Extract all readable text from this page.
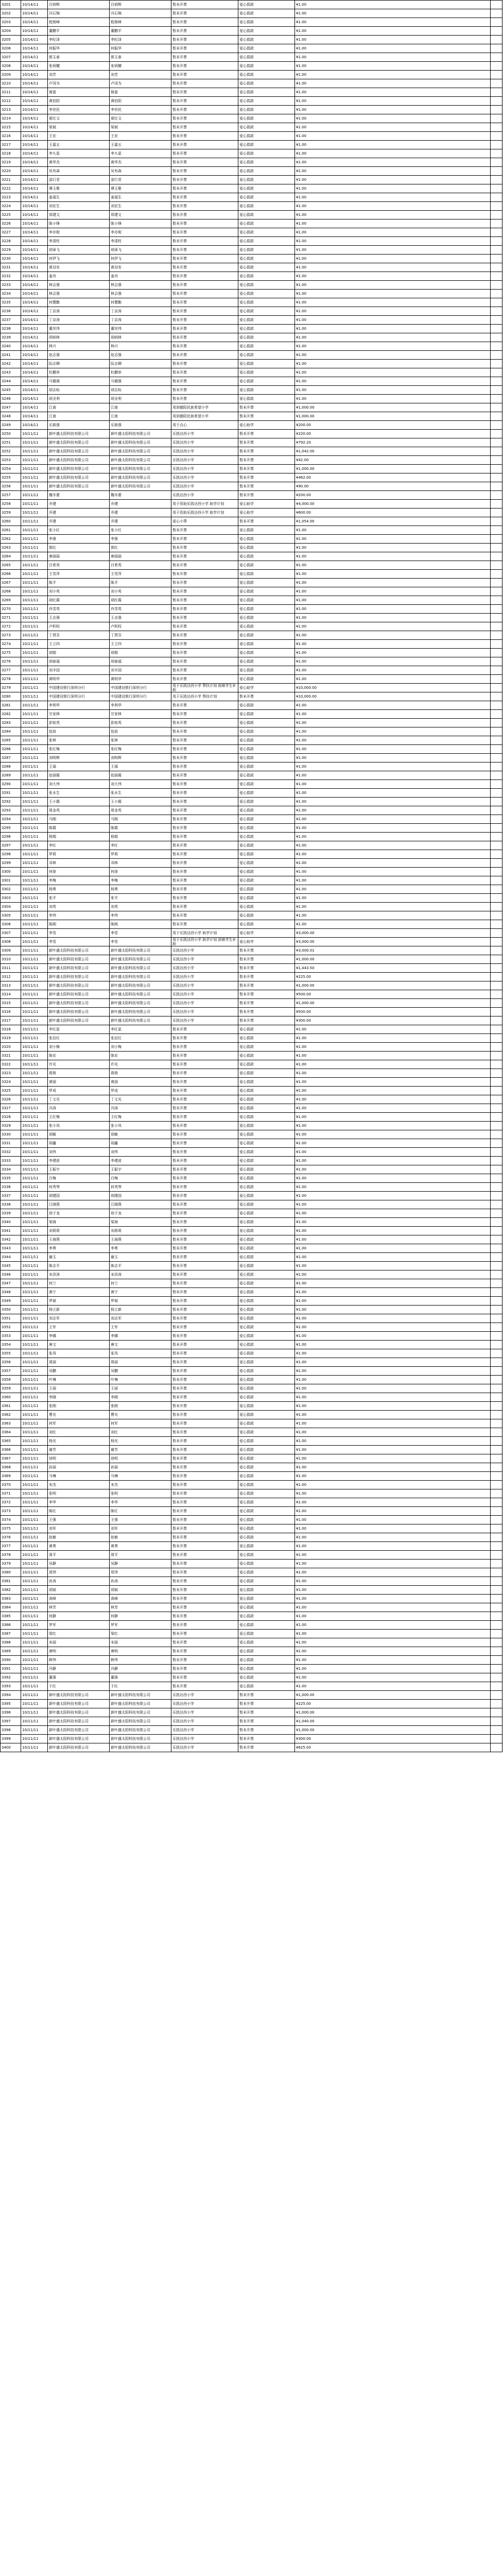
3201	10/14/11	吕炳辉	吕炳辉	暂未开票	爱心捐款	¥1.00	
3202	10/14/11	冯石锦	冯石锦	暂未开票	爱心捐款	¥1.00	
3203	10/14/11	程俊峰	程俊峰	暂未开票	爱心捐款	¥1.00	
3204	10/14/11	董鹏平	董鹏平	暂未开票	爱心捐款	¥1.00	
3205	10/14/11	李纪泽	李纪泽	暂未开票	爱心捐款	¥1.00	
3206	10/14/11	何振华	何振华	暂未开票	爱心捐款	¥1.00	
3207	10/14/11	郭玉春	郭玉春	暂未开票	爱心捐款	¥1.00	
3208	10/14/11	张炳耀	张炳耀	暂未开票	爱心捐款	¥1.00	
3209	10/14/11	刘芳	刘芳	暂未开票	爱心捐款	¥1.00	
3210	10/14/11	卢冈为	卢冈为	暂未开票	爱心捐款	¥1.00	
3211	10/14/11	简富	简富	暂未开票	爱心捐款	¥1.00	
3212	10/14/11	黄伯阳	黄伯阳	暂未开票	爱心捐款	¥1.00	
3213	10/14/11	李世民	李世民	暂未开票	爱心捐款	¥1.00	
3214	10/14/11	夏红文	夏红文	暂未开票	爱心捐款	¥1.00	
3215	10/14/11	梁斌	梁斌	暂未开票	爱心捐款	¥1.00	
3216	10/14/11	王宏	王宏	暂未开票	爱心捐款	¥1.00	
3217	10/14/11	王嘉五	王嘉五	暂未开票	爱心捐款	¥1.00	
3218	10/14/11	李九星	李九星	暂未开票	爱心捐款	¥1.00	
3219	10/14/11	黄华杰	黄华杰	暂未开票	爱心捐款	¥1.00	
3220	10/14/11	吴有森	吴有森	暂未开票	爱心捐款	¥1.00	
3221	10/14/11	邵行君	邵行君	暂未开票	爱心捐款	¥1.00	
3222	10/14/11	谭玉聚	谭玉聚	暂未开票	爱心捐款	¥1.00	
3223	10/14/11	姜福生	姜福生	暂未开票	爱心捐款	¥1.00	
3224	10/14/11	刘宏生	刘宏生	暂未开票	爱心捐款	¥1.00	
3225	10/14/11	郑建文	郑建文	暂未开票	爱心捐款	¥1.00	
3226	10/14/11	陈小锋	陈小锋	暂未开票	爱心捐款	¥1.00	
3227	10/14/11	李亦妮	李亦妮	暂未开票	爱心捐款	¥1.00	
3228	10/14/11	李清柱	李清柱	暂未开票	爱心捐款	¥1.00	
3229	10/14/11	胡承飞	胡承飞	暂未开票	爱心捐款	¥1.00	
3230	10/14/11	何伊飞	何伊飞	暂未开票	爱心捐款	¥1.00	
3231	10/14/11	黄双安	黄双安	暂未开票	爱心捐款	¥1.00	
3232	10/14/11	姜舟	姜舟	暂未开票	爱心捐款	¥1.00	
3233	10/14/11	林会强	林会强	暂未开票	爱心捐款	¥1.00	
3234	10/14/11	林会强	林会强	暂未开票	爱心捐款	¥1.00	
3235	10/14/11	何慧勤	何慧勤	暂未开票	爱心捐款	¥1.00	
3236	10/14/11	丁京涛	丁京涛	暂未开票	爱心捐款	¥1.00	
3237	10/14/11	丁京涛	丁京涛	暂未开票	爱心捐款	¥1.00	
3238	10/14/11	董世伟	董世伟	暂未开票	爱心捐款	¥1.00	
3239	10/14/11	胡炳林	胡炳林	暂未开票	爱心捐款	¥1.00	
3240	10/14/11	林兴	林兴	暂未开票	爱心捐款	¥1.00	
3241	10/14/11	赵志强	赵志强	暂未开票	爱心捐款	¥1.00	
3242	10/14/11	阮志卿	阮志卿	暂未开票	爱心捐款	¥1.00	
3243	10/14/11	杜鹏举	杜鹏举	暂未开票	爱心捐款	¥1.00	
3244	10/14/11	马德强	马德强	暂未开票	爱心捐款	¥1.00	
3245	10/14/11	胡志标	胡志标	暂未开票	爱心捐款	¥1.00	
3246	10/14/11	胡圣利	胡圣利	暂未开票	爱心捐款	¥1.00	
3247	10/14/11	江南	江南	用到德阳民族希望小学	暂未开票	¥1,000.00	
3248	10/14/11	江南	江南	用到德阳民族希望小学	暂未开票	¥1,000.00	
3249	10/14/11	乐筱强	乐筱强	用于点心	爱心助学	¥200.00	
3250	10/11/11	新叶盛太阳科技有限公司	新叶盛太阳科技有限公司	乐凯达西小学	暂未开票	¥220.00	
3251	10/11/11	新叶盛太阳科技有限公司	新叶盛太阳科技有限公司	乐凯达西小学	暂未开票	¥792.20	
3252	10/11/11	新叶盛太阳科技有限公司	新叶盛太阳科技有限公司	乐凯达西小学	暂未开票	¥1,042.00	
3253	10/11/11	新叶盛太阳科技有限公司	新叶盛太阳科技有限公司	乐凯达西小学	暂未开票	¥42.00	
3254	10/11/11	新叶盛太阳科技有限公司	新叶盛太阳科技有限公司	乐凯达西小学	暂未开票	¥1,000.00	
3255	10/11/11	新叶盛太阳科技有限公司	新叶盛太阳科技有限公司	乐凯达西小学	暂未开票	¥462.00	
3256	10/11/11	新叶盛太阳科技有限公司	新叶盛太阳科技有限公司	乐凯达西小学	暂未开票	¥90.00	
3257	10/11/11	魏冬蕾	魏冬蕾	乐凯达西小学	暂未开票	¥200.00	
3258	10/11/11	乔建	乔建	用于资助乐凯达西小学 助学计划	爱心助学	¥4,000.00	
3259	10/11/11	乔建	乔建	用于资助乐凯达西小学 助学计划	爱心助学	¥600.00	
3260	10/11/11	乔建	乔建	爱心小帮	暂未开票	¥1,054.00	
3261	10/11/11	张小红	张小红	暂未开票	爱心捐款	¥1.00	
3262	10/11/11	李强	李强	暂未开票	爱心捐款	¥1.00	
3263	10/11/11	郭红	郭红	暂未开票	爱心捐款	¥1.00	
3264	10/11/11	唐丽丽	唐丽丽	暂未开票	爱心捐款	¥1.00	
3265	10/11/11	吕希英	吕希英	暂未开票	爱心捐款	¥1.00	
3266	10/11/11	王雪萍	王雪萍	暂未开票	爱心捐款	¥1.00	
3267	10/11/11	陈平	陈平	暂未开票	爱心捐款	¥1.00	
3268	10/11/11	刘小英	刘小英	暂未开票	爱心捐款	¥1.00	
3269	10/11/11	胡红霞	胡红霞	暂未开票	爱心捐款	¥1.00	
3270	10/11/11	肖雪英	肖雪英	暂未开票	爱心捐款	¥1.00	
3271	10/11/11	王志强	王志强	暂未开票	爱心捐款	¥1.00	
3272	10/11/11	卢积权	卢积权	暂未开票	爱心捐款	¥1.00	
3273	10/11/11	丁贤芬	丁贤芬	暂未开票	爱心捐款	¥1.00	
3274	10/11/11	王立四	王立四	暂未开票	爱心捐款	¥1.00	
3275	10/11/11	胡娟	胡娟	暂未开票	爱心捐款	¥1.00	
3276	10/11/11	胡春福	胡春福	暂未开票	爱心捐款	¥1.00	
3277	10/11/11	刘丰国	刘丰国	暂未开票	爱心捐款	¥1.00	
3278	10/11/11	黄明华	黄明华	暂未开票	爱心捐款	¥1.00	
3279	10/11/11	中国建设银行深圳分行	中国建设银行深圳分行	用于乐凯达西小学 帮扶计划 困难学生补助	爱心助学	¥10,000.00	
3280	10/11/11	中国建设银行深圳分行	中国建设银行深圳分行	用于乐凯达西小学 帮扶计划	暂未开票	¥10,000.00	
3281	10/11/11	李利华	李利华	暂未开票	爱心捐款	¥1.00	
3282	10/11/11	甘家林	甘家林	暂未开票	爱心捐款	¥1.00	
3283	10/11/11	彭桂英	彭桂英	暂未开票	爱心捐款	¥1.00	
3284	10/11/11	赵波	赵波	暂未开票	爱心捐款	¥1.00	
3285	10/11/11	张林	张林	暂未开票	爱心捐款	¥1.00	
3286	10/11/11	张红梅	张红梅	暂未开票	爱心捐款	¥1.00	
3287	10/11/11	刘明辉	刘明辉	暂未开票	爱心捐款	¥1.00	
3288	10/11/11	王福	王福	暂未开票	爱心捐款	¥1.00	
3289	10/11/11	赵丽霞	赵丽霞	暂未开票	爱心捐款	¥1.00	
3290	10/11/11	刘大伟	刘大伟	暂未开票	爱心捐款	¥1.00	
3291	10/11/11	张水生	张水生	暂未开票	爱心捐款	¥1.00	
3292	10/11/11	王小霞	王小霞	暂未开票	爱心捐款	¥1.00	
3293	10/11/11	周金英	周金英	暂未开票	爱心捐款	¥1.00	
3294	10/11/11	马刚	马刚	暂未开票	爱心捐款	¥1.00	
3295	10/11/11	陈霞	陈霞	暂未开票	爱心捐款	¥1.00	
3296	10/11/11	杨娟	杨娟	暂未开票	爱心捐款	¥1.00	
3297	10/11/11	李红	李红	暂未开票	爱心捐款	¥1.00	
3298	10/11/11	罗莉	罗莉	暂未开票	爱心捐款	¥1.00	
3299	10/11/11	邓林	邓林	暂未开票	爱心捐款	¥1.00	
3300	10/11/11	何琼	何琼	暂未开票	爱心捐款	¥1.00	
3301	10/11/11	李梅	李梅	暂未开票	爱心捐款	¥1.00	
3302	10/11/11	杨勇	杨勇	暂未开票	爱心捐款	¥1.00	
3303	10/11/11	张平	张平	暂未开票	爱心捐款	¥1.00	
3304	10/11/11	刘英	刘英	暂未开票	爱心捐款	¥1.00	
3305	10/11/11	李伟	李伟	暂未开票	爱心捐款	¥1.00	
3306	10/11/11	陈刚	陈刚	暂未开票	爱心捐款	¥1.00	
3307	10/11/11	李雪	李雪	用于乐凯达西小学 助学计划	爱心助学	¥3,000.00	
3308	10/11/11	李雪	李雪	用于乐凯达西小学 助学计划 困难学生补助	爱心助学	¥3,000.00	
3309	10/11/11	新叶盛太阳科技有限公司	新叶盛太阳科技有限公司	乐凯达西小学	暂未开票	¥3,000.01	
3310	10/11/11	新叶盛太阳科技有限公司	新叶盛太阳科技有限公司	乐凯达西小学	暂未开票	¥1,000.00	
3311	10/11/11	新叶盛太阳科技有限公司	新叶盛太阳科技有限公司	乐凯达西小学	暂未开票	¥1,443.50	
3312	10/11/11	新叶盛太阳科技有限公司	新叶盛太阳科技有限公司	乐凯达西小学	暂未开票	¥225.00	
3313	10/11/11	新叶盛太阳科技有限公司	新叶盛太阳科技有限公司	乐凯达西小学	暂未开票	¥1,000.00	
3314	10/11/11	新叶盛太阳科技有限公司	新叶盛太阳科技有限公司	乐凯达西小学	暂未开票	¥500.00	
3315	10/11/11	新叶盛太阳科技有限公司	新叶盛太阳科技有限公司	乐凯达西小学	暂未开票	¥1,000.00	
3316	10/11/11	新叶盛太阳科技有限公司	新叶盛太阳科技有限公司	乐凯达西小学	暂未开票	¥500.00	
3317	10/11/11	新叶盛太阳科技有限公司	新叶盛太阳科技有限公司	乐凯达西小学	暂未开票	¥300.00	
3318	10/11/11	李红星	李红星	暂未开票	爱心捐款	¥1.00	
3319	10/11/11	张启红	张启红	暂未开票	爱心捐款	¥1.00	
3320	10/11/11	刘小梅	刘小梅	暂未开票	爱心捐款	¥1.00	
3321	10/11/11	陈宏	陈宏	暂未开票	爱心捐款	¥1.00	
3322	10/11/11	许光	许光	暂未开票	爱心捐款	¥1.00	
3323	10/11/11	蒋俊	蒋俊	暂未开票	爱心捐款	¥1.00	
3324	10/11/11	黄丽	黄丽	暂未开票	爱心捐款	¥1.00	
3325	10/11/11	罗成	罗成	暂未开票	爱心捐款	¥1.00	
3326	10/11/11	丁文光	丁文光	暂未开票	爱心捐款	¥1.00	
3327	10/11/11	冯涛	冯涛	暂未开票	爱心捐款	¥1.00	
3328	10/11/11	王红梅	王红梅	暂未开票	爱心捐款	¥1.00	
3329	10/11/11	张小凤	张小凤	暂未开票	爱心捐款	¥1.00	
3330	10/11/11	胡敏	胡敏	暂未开票	爱心捐款	¥1.00	
3331	10/11/11	胡鑫	胡鑫	暂未开票	爱心捐款	¥1.00	
3332	10/11/11	刘伟	刘伟	暂未开票	爱心捐款	¥1.00	
3333	10/11/11	李建波	李建波	暂未开票	爱心捐款	¥1.00	
3334	10/11/11	王振宇	王振宇	暂未开票	爱心捐款	¥1.00	
3335	10/11/11	白梅	白梅	暂未开票	爱心捐款	¥1.00	
3336	10/11/11	何秀琴	何秀琴	暂未开票	爱心捐款	¥1.00	
3337	10/11/11	胡建国	胡建国	暂未开票	爱心捐款	¥1.00	
3338	10/11/11	江晓燕	江晓燕	暂未开票	爱心捐款	¥1.00	
3339	10/11/11	徐子龙	徐子龙	暂未开票	爱心捐款	¥1.00	
3340	10/11/11	梁海	梁海	暂未开票	爱心捐款	¥1.00	
3341	10/11/11	刘莉莉	刘莉莉	暂未开票	爱心捐款	¥1.00	
3342	10/11/11	王海燕	王海燕	暂未开票	爱心捐款	¥1.00	
3343	10/11/11	李勇	李勇	暂未开票	爱心捐款	¥1.00	
3344	10/11/11	谢玉	谢玉	暂未开票	爱心捐款	¥1.00	
3345	10/11/11	陈志平	陈志平	暂未开票	爱心捐款	¥1.00	
3346	10/11/11	宋洪涛	宋洪涛	暂未开票	爱心捐款	¥1.00	
3347	10/11/11	何兰	何兰	暂未开票	爱心捐款	¥1.00	
3348	10/11/11	黄宁	黄宁	暂未开票	爱心捐款	¥1.00	
3349	10/11/11	罗斌	罗斌	暂未开票	爱心捐款	¥1.00	
3350	10/11/11	杨立新	杨立新	暂未开票	爱心捐款	¥1.00	
3351	10/11/11	刘志军	刘志军	暂未开票	爱心捐款	¥1.00	
3352	10/11/11	王军	王军	暂未开票	爱心捐款	¥1.00	
3353	10/11/11	李娜	李娜	暂未开票	爱心捐款	¥1.00	
3354	10/11/11	唐文	唐文	暂未开票	爱心捐款	¥1.00	
3355	10/11/11	张凤	张凤	暂未开票	爱心捐款	¥1.00	
3356	10/11/11	周丽	周丽	暂未开票	爱心捐款	¥1.00	
3357	10/11/11	吴鹏	吴鹏	暂未开票	爱心捐款	¥1.00	
3358	10/11/11	叶琳	叶琳	暂未开票	爱心捐款	¥1.00	
3359	10/11/11	王丽	王丽	暂未开票	爱心捐款	¥1.00	
3360	10/11/11	李晓	李晓	暂未开票	爱心捐款	¥1.00	
3361	10/11/11	张刚	张刚	暂未开票	爱心捐款	¥1.00	
3362	10/11/11	曹光	曹光	暂未开票	爱心捐款	¥1.00	
3363	10/11/11	何军	何军	暂未开票	爱心捐款	¥1.00	
3364	10/11/11	刘红	刘红	暂未开票	爱心捐款	¥1.00	
3365	10/11/11	杨光	杨光	暂未开票	爱心捐款	¥1.00	
3366	10/11/11	谢芳	谢芳	暂未开票	爱心捐款	¥1.00	
3367	10/11/11	徐明	徐明	暂未开票	爱心捐款	¥1.00	
3368	10/11/11	孙丽	孙丽	暂未开票	爱心捐款	¥1.00	
3369	10/11/11	马琳	马琳	暂未开票	爱心捐款	¥1.00	
3370	10/11/11	宋杰	宋杰	暂未开票	爱心捐款	¥1.00	
3371	10/11/11	张明	张明	暂未开票	爱心捐款	¥1.00	
3372	10/11/11	李华	李华	暂未开票	爱心捐款	¥1.00	
3373	10/11/11	陈红	陈红	暂未开票	爱心捐款	¥1.00	
3374	10/11/11	王强	王强	暂未开票	爱心捐款	¥1.00	
3375	10/11/11	刘军	刘军	暂未开票	爱心捐款	¥1.00	
3376	10/11/11	赵敏	赵敏	暂未开票	爱心捐款	¥1.00	
3377	10/11/11	黄勇	黄勇	暂未开票	爱心捐款	¥1.00	
3378	10/11/11	周平	周平	暂未开票	爱心捐款	¥1.00	
3379	10/11/11	吴静	吴静	暂未开票	爱心捐款	¥1.00	
3380	10/11/11	郑伟	郑伟	暂未开票	爱心捐款	¥1.00	
3381	10/11/11	孙涛	孙涛	暂未开票	爱心捐款	¥1.00	
3382	10/11/11	胡斌	胡斌	暂未开票	爱心捐款	¥1.00	
3383	10/11/11	高峰	高峰	暂未开票	爱心捐款	¥1.00	
3384	10/11/11	林芳	林芳	暂未开票	爱心捐款	¥1.00	
3385	10/11/11	何静	何静	暂未开票	爱心捐款	¥1.00	
3386	10/11/11	罗军	罗军	暂未开票	爱心捐款	¥1.00	
3387	10/11/11	梁红	梁红	暂未开票	爱心捐款	¥1.00	
3388	10/11/11	宋丽	宋丽	暂未开票	爱心捐款	¥1.00	
3389	10/11/11	唐明	唐明	暂未开票	爱心捐款	¥1.00	
3390	10/11/11	韩伟	韩伟	暂未开票	爱心捐款	¥1.00	
3391	10/11/11	冯静	冯静	暂未开票	爱心捐款	¥1.00	
3392	10/11/11	董强	董强	暂未开票	爱心捐款	¥1.00	
3393	10/11/11	于红	于红	暂未开票	爱心捐款	¥1.00	
3394	10/11/11	新叶盛太阳科技有限公司	新叶盛太阳科技有限公司	乐凯达西小学	暂未开票	¥1,000.00	
3395	10/11/11	新叶盛太阳科技有限公司	新叶盛太阳科技有限公司	乐凯达西小学	暂未开票	¥225.00	
3396	10/11/11	新叶盛太阳科技有限公司	新叶盛太阳科技有限公司	乐凯达西小学	暂未开票	¥1,000.00	
3397	10/11/11	新叶盛太阳科技有限公司	新叶盛太阳科技有限公司	乐凯达西小学	暂未开票	¥1,040.00	
3398	10/11/11	新叶盛太阳科技有限公司	新叶盛太阳科技有限公司	乐凯达西小学	暂未开票	¥1,000.00	
3399	10/11/11	新叶盛太阳科技有限公司	新叶盛太阳科技有限公司	乐凯达西小学	暂未开票	¥300.00	
3400	10/11/11	新叶盛太阳科技有限公司	新叶盛太阳科技有限公司	乐凯达西小学	暂未开票	¥625.00	
